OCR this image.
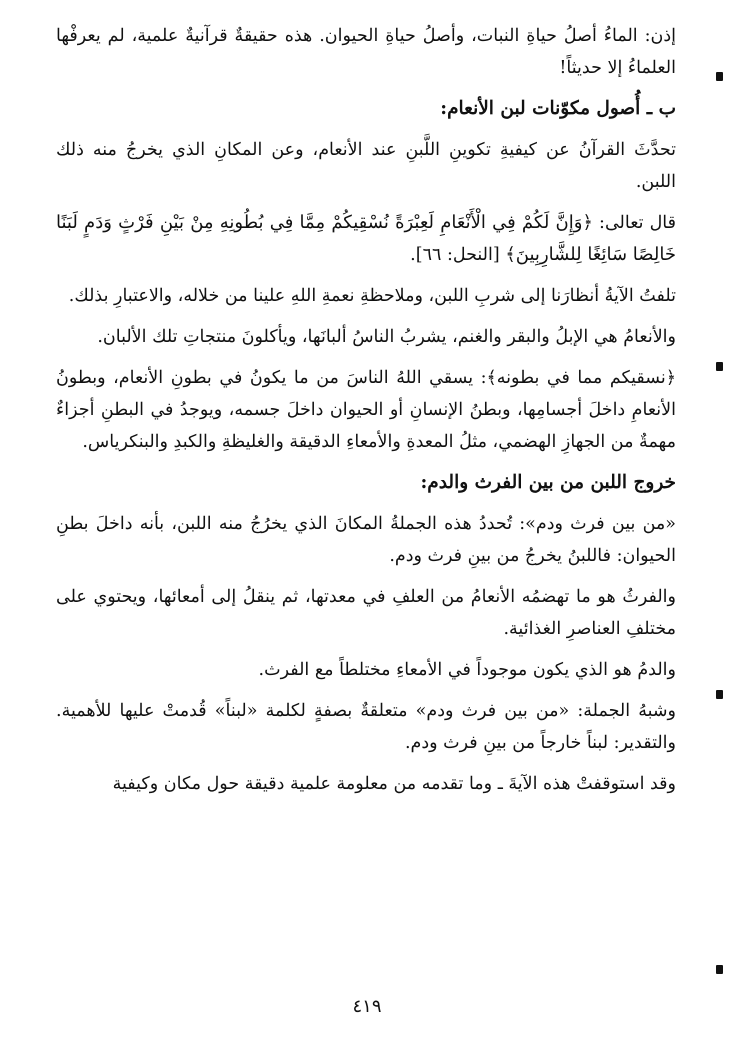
إذن: الماءُ أصلُ حياةِ النبات، وأصلُ حياةِ الحيوان. هذه حقيقةٌ قرآنيةٌ علمية، لم يعرفْها العلماءُ إلا حديثاً!

ب ـ أُصول مكوّنات لبن الأنعام:

تحدَّثَ القرآنُ عن كيفيةِ تكوينِ اللَّبنِ عند الأنعام، وعن المكانِ الذي يخرجُ منه ذلك اللبن.

قال تعالى: ﴿وَإِنَّ لَكُمْ فِي الْأَنْعَامِ لَعِبْرَةً نُسْقِيكُمْ مِمَّا فِي بُطُونِهِ مِنْ بَيْنِ فَرْثٍ وَدَمٍ لَبَنًا خَالِصًا سَائِغًا لِلشَّارِبِينَ﴾ [النحل: ٦٦].

تلفتُ الآيةُ أنظارَنا إلى شربِ اللبن، وملاحظةِ نعمةِ اللهِ علينا من خلاله، والاعتبارِ بذلك.

والأنعامُ هي الإبلُ والبقر والغنم، يشربُ الناسُ ألبانَها، ويأكلونَ منتجاتِ تلك الألبان.

﴿نسقيكم مما في بطونه﴾: يسقي اللهُ الناسَ من ما يكونُ في بطونِ الأنعام، وبطونُ الأنعامِ داخلَ أجسامِها، وبطنُ الإنسانِ أو الحيوان داخلَ جسمه، ويوجدُ في البطنِ أجزاءٌ مهمةٌ من الجهازِ الهضمي، مثلُ المعدةِ والأمعاءِ الدقيقة والغليظةِ والكبدِ والبنكرياس.

خروج اللبن من بين الفرث والدم:

«من بين فرث ودم»: تُحددُ هذه الجملةُ المكانَ الذي يخرُجُ منه اللبن، بأنه داخلَ بطنِ الحيوان: فاللبنُ يخرجُ من بينِ فرث ودم.

والفرثُ هو ما تهضمُه الأنعامُ من العلفِ في معدتها، ثم ينقلُ إلى أمعائها، ويحتوي على مختلفِ العناصرِ الغذائية.

والدمُ هو الذي يكون موجوداً في الأمعاءِ مختلطاً مع الفرث.

وشبهُ الجملة: «من بين فرث ودم» متعلقةٌ بصفةٍ لكلمة «لبناً» قُدمتْ عليها للأهمية. والتقدير: لبناً خارجاً من بينِ فرث ودم.

وقد استوقفتْ هذه الآيةَ ـ وما تقدمه من معلومة علمية دقيقة حول مكان وكيفية

٤١٩
